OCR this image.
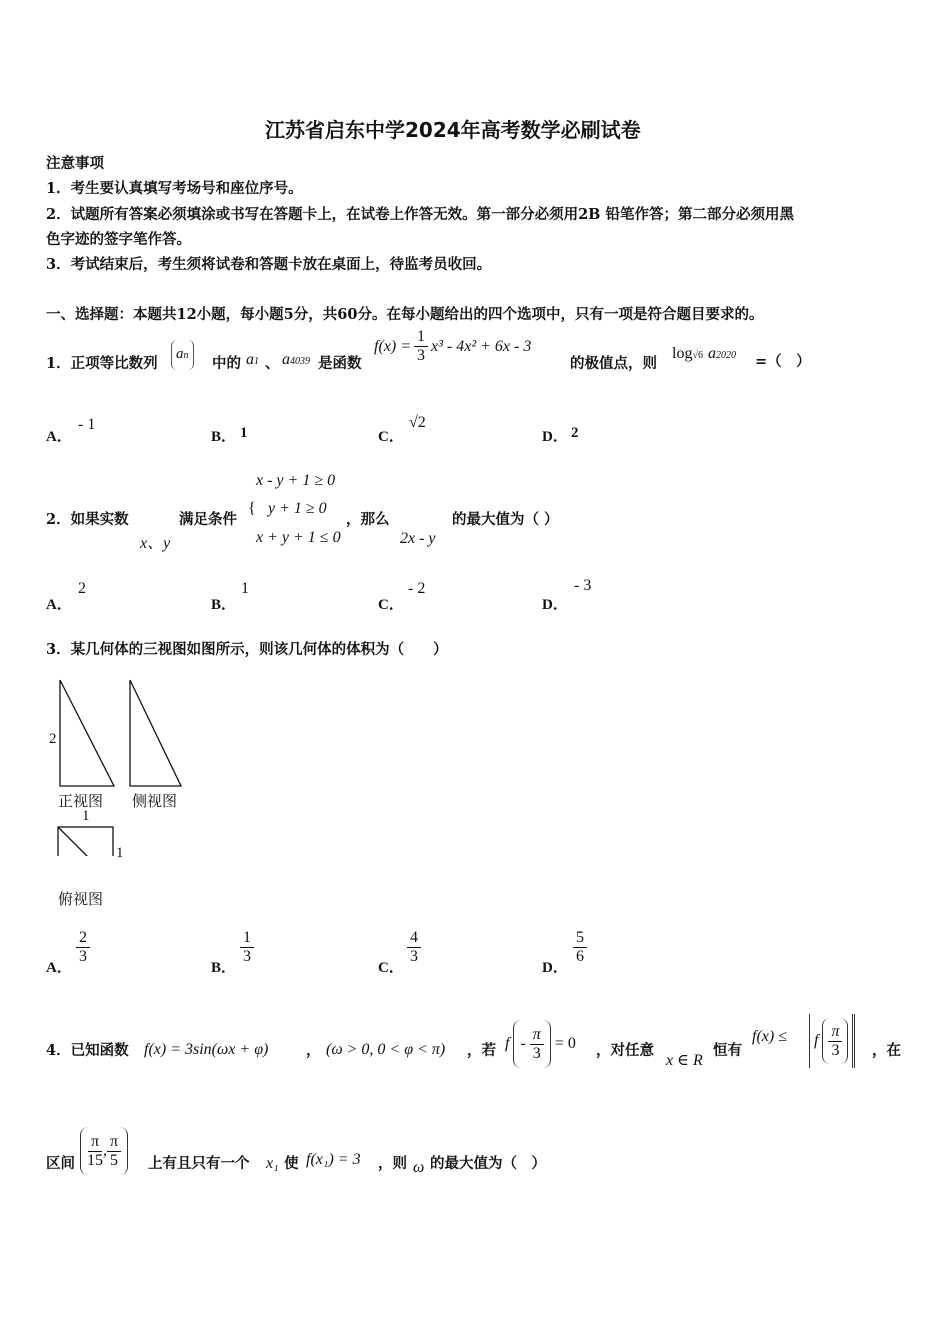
江苏省启东中学2024年高考数学必刷试卷
注意事项
1．考生要认真填写考场号和座位序号。
2．试题所有答案必须填涂或书写在答题卡上，在试卷上作答无效。第一部分必须用2B 铅笔作答；第二部分必须用黑
色字迹的签字笔作答。
3．考试结束后，考生须将试卷和答题卡放在桌面上，待监考员收回。
一、选择题：本题共12小题，每小题5分，共60分。在每小题给出的四个选项中，只有一项是符合题目要求的。
1．正项等比数列
an	中的 a1 、 a4039 是函数
$f(x) = \frac{1}{3} x^3 - 4x^2 + 6x - 3$
的极值点，则
log√6 a2020 =（　）
A．
- 1
B． 1	C．
√2
D． 2
2．如果实数
x、y
满足条件
{
x - y + 1 ≥ 0
y + 1 ≥ 0
x + y + 1 ≤ 0
，那么
2x - y
的最大值为（ ）
A．
2
B．
1
C．
- 2
D．
- 3
3．某几何体的三视图如图所示，则该几何体的体积为（　　）
2
正视图 侧视图
1
1
俯视图
A．
$\frac{2}{3}$
B．
$\frac{1}{3}$
C．
$\frac{4}{3}$
D．
$\frac{5}{6}$
4．已知函数 f(x) = 3sin(ωx + φ)	， (ω > 0, 0 < φ < π) ，若 $f - \frac{\pi}{3} = 0$ ，对任意
x ∈ R
恒有
f(x) ≤ f $\frac{\pi}{3}$ ，在
区间 $\frac{\pi}{15}$ , $\frac{\pi}{5}$ 上有且只有一个 x₁ 使 f(x₁) = 3 ，则 ω 的最大值为（　）
